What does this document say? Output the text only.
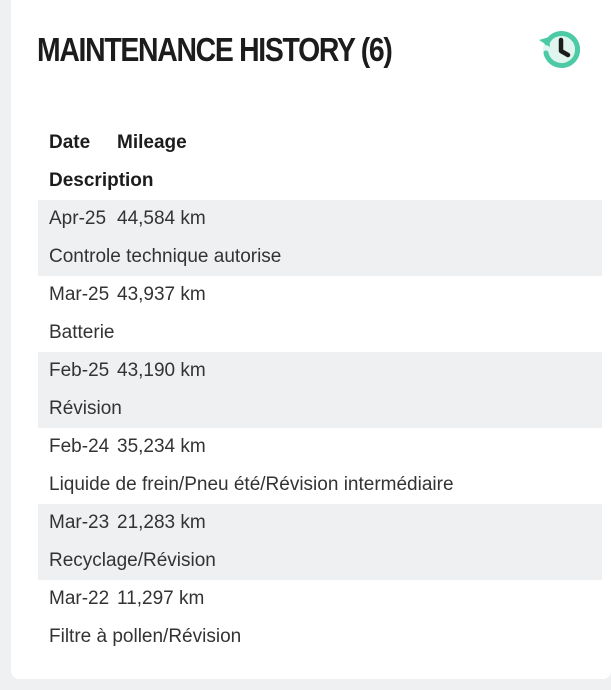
MAINTENANCE HISTORY (6)
Date Mileage
Description
Apr-25 44,584 km
Controle technique autorise
Mar-25 43,937 km
Batterie
Feb-25 43,190 km
Révision
Feb-24 35,234 km
Liquide de frein/Pneu été/Révision intermédiaire
Mar-23 21,283 km
Recyclage/Révision
Mar-22 11,297 km
Filtre à pollen/Révision
